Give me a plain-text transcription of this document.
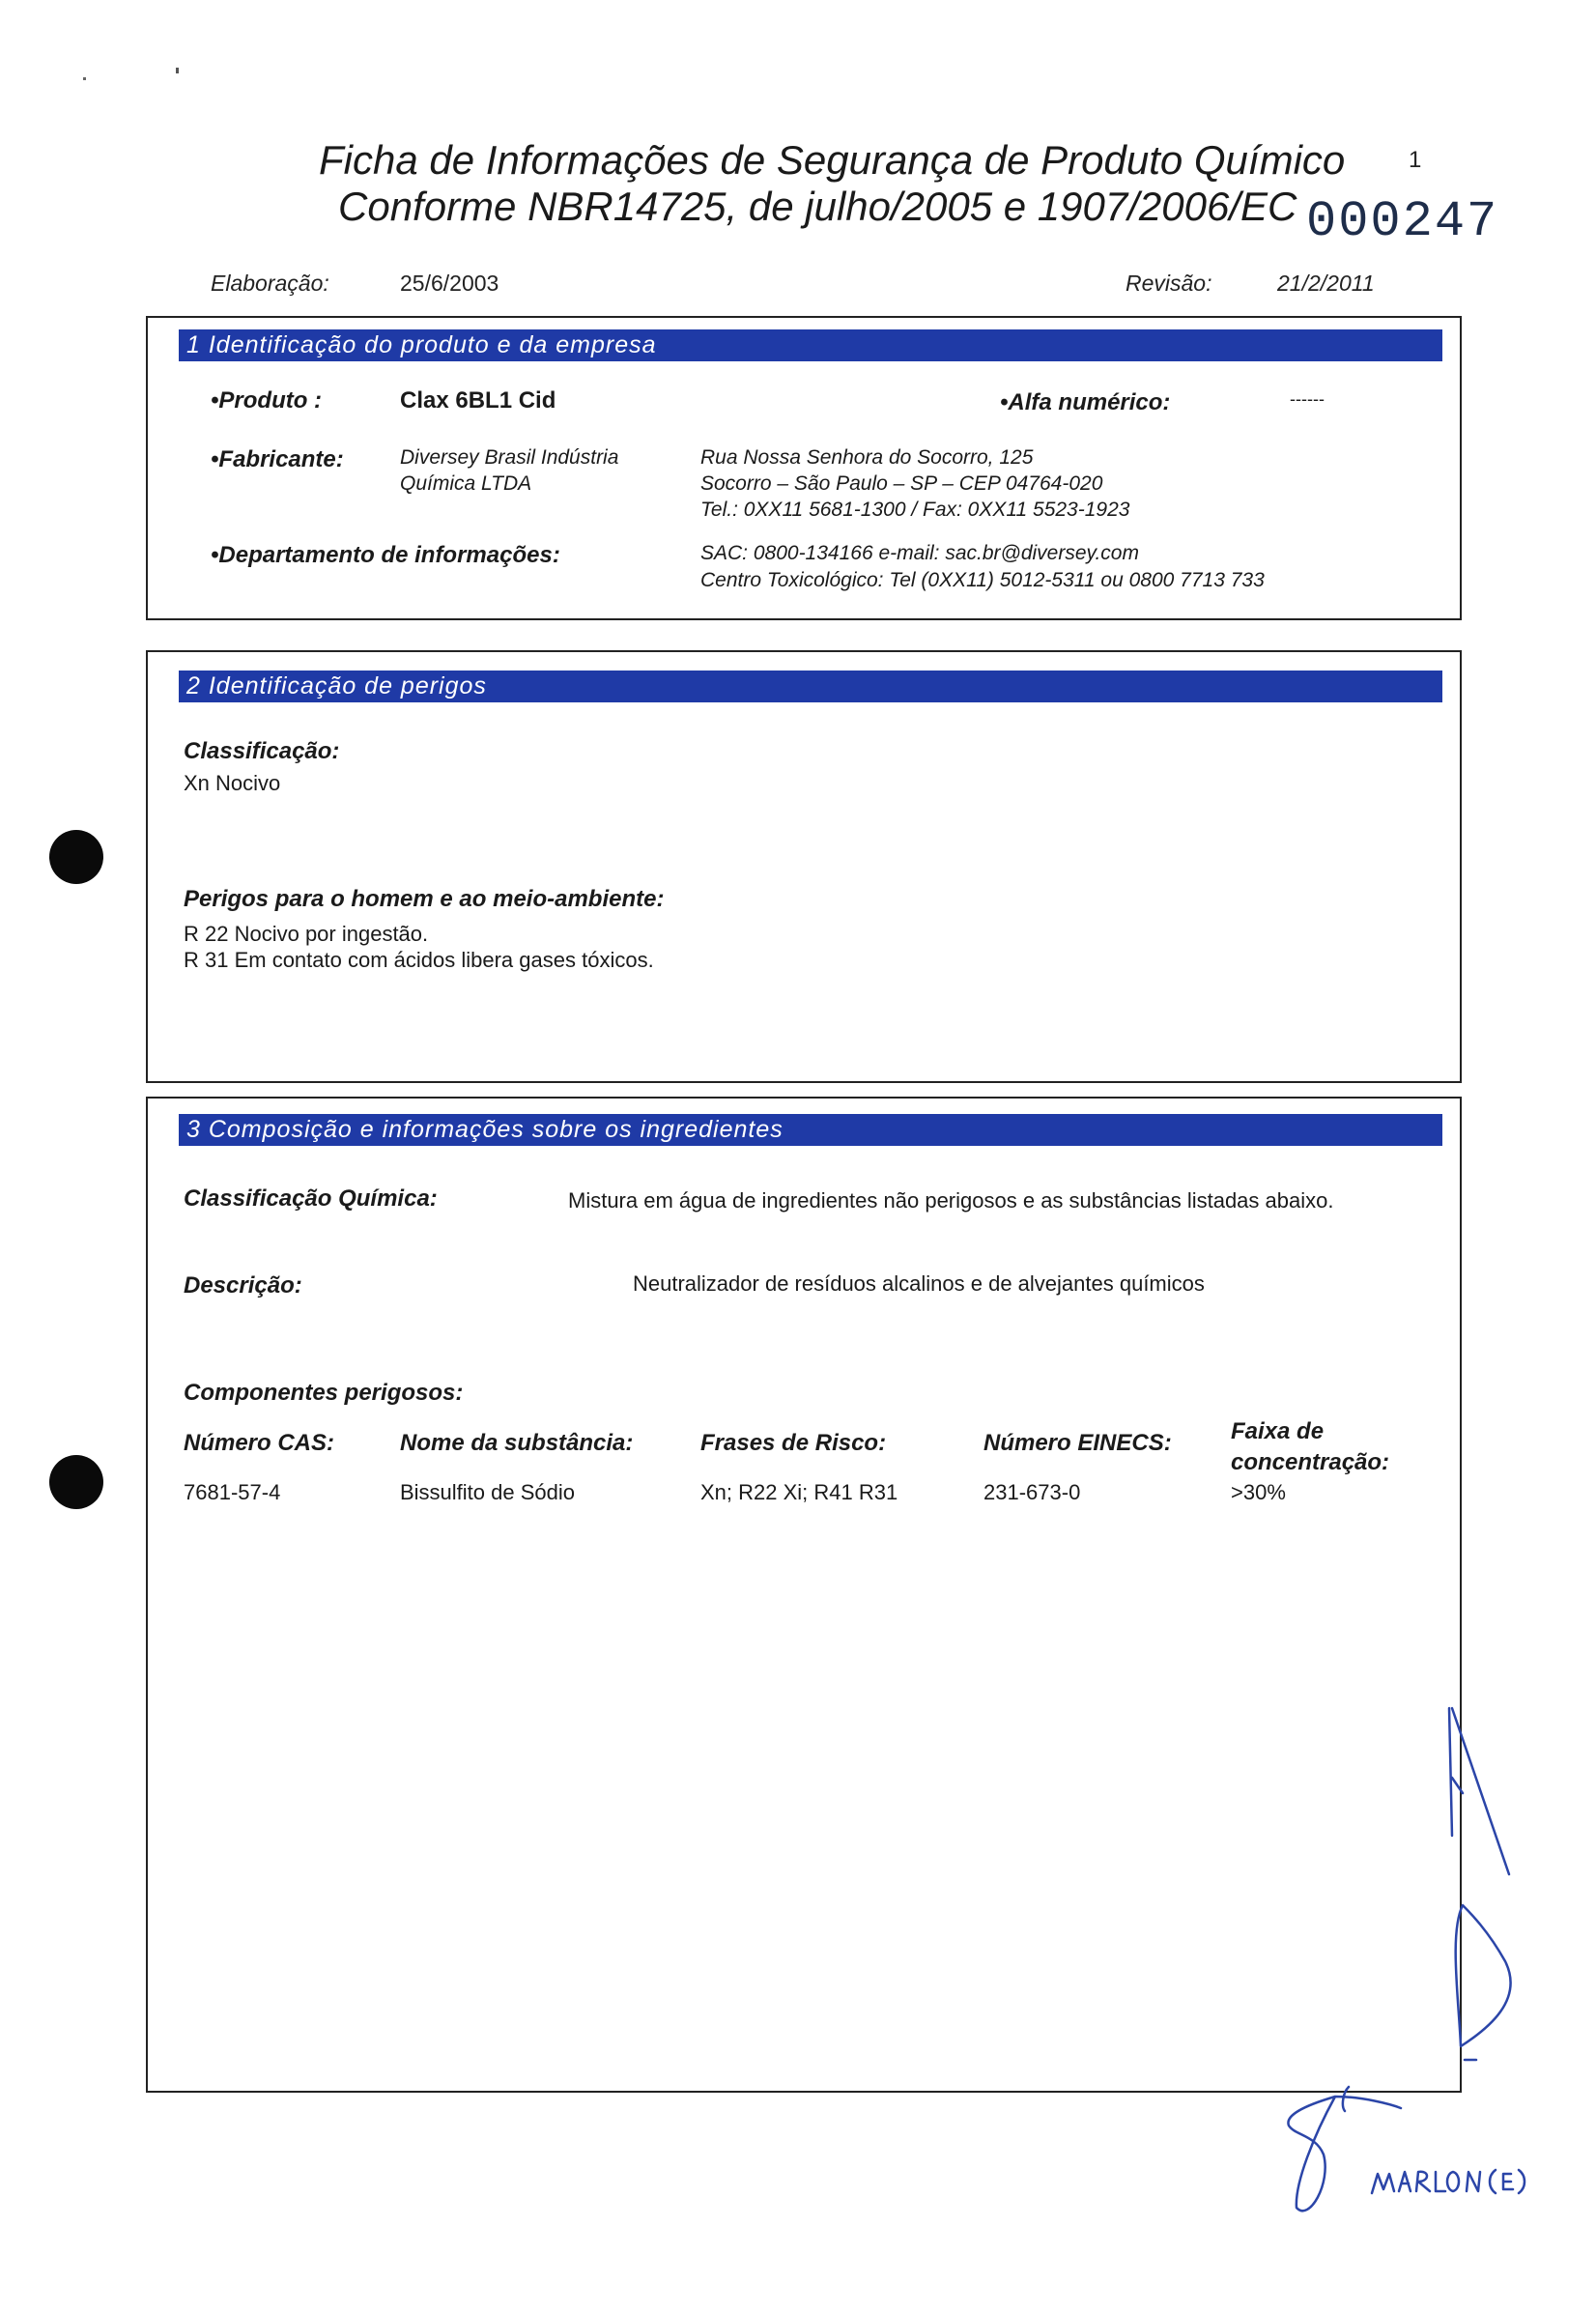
Ficha de Informações de Segurança de Produto Químico
Conforme NBR14725, de julho/2005 e 1907/2006/EC
1
000247
Elaboração:	25/6/2003	Revisão:	21/2/2011
1 Identificação do produto e da empresa
•Produto :	Clax 6BL1 Cid	•Alfa numérico:	------
•Fabricante:	Diversey Brasil Indústria
Química LTDA
Rua Nossa Senhora do Socorro, 125
Socorro – São Paulo – SP – CEP 04764-020
Tel.: 0XX11 5681-1300 / Fax: 0XX11 5523-1923
•Departamento de informações:	SAC: 0800-134166 e-mail: sac.br@diversey.com
Centro Toxicológico: Tel (0XX11) 5012-5311 ou 0800 7713 733
2 Identificação de perigos
Classificação:
Xn Nocivo
Perigos para o homem e ao meio-ambiente:
R 22 Nocivo por ingestão.
R 31 Em contato com ácidos libera gases tóxicos.
3 Composição e informações sobre os ingredientes
Classificação Química:	Mistura em água de ingredientes não perigosos e as substâncias listadas abaixo.
Descrição:	Neutralizador de resíduos alcalinos e de alvejantes químicos
Componentes perigosos:
Número CAS:	Nome da substância:	Frases de Risco:	Número EINECS:	Faixa de
concentração:
7681-57-4	Bissulfito de Sódio	Xn; R22 Xi; R41 R31	231-673-0	>30%
